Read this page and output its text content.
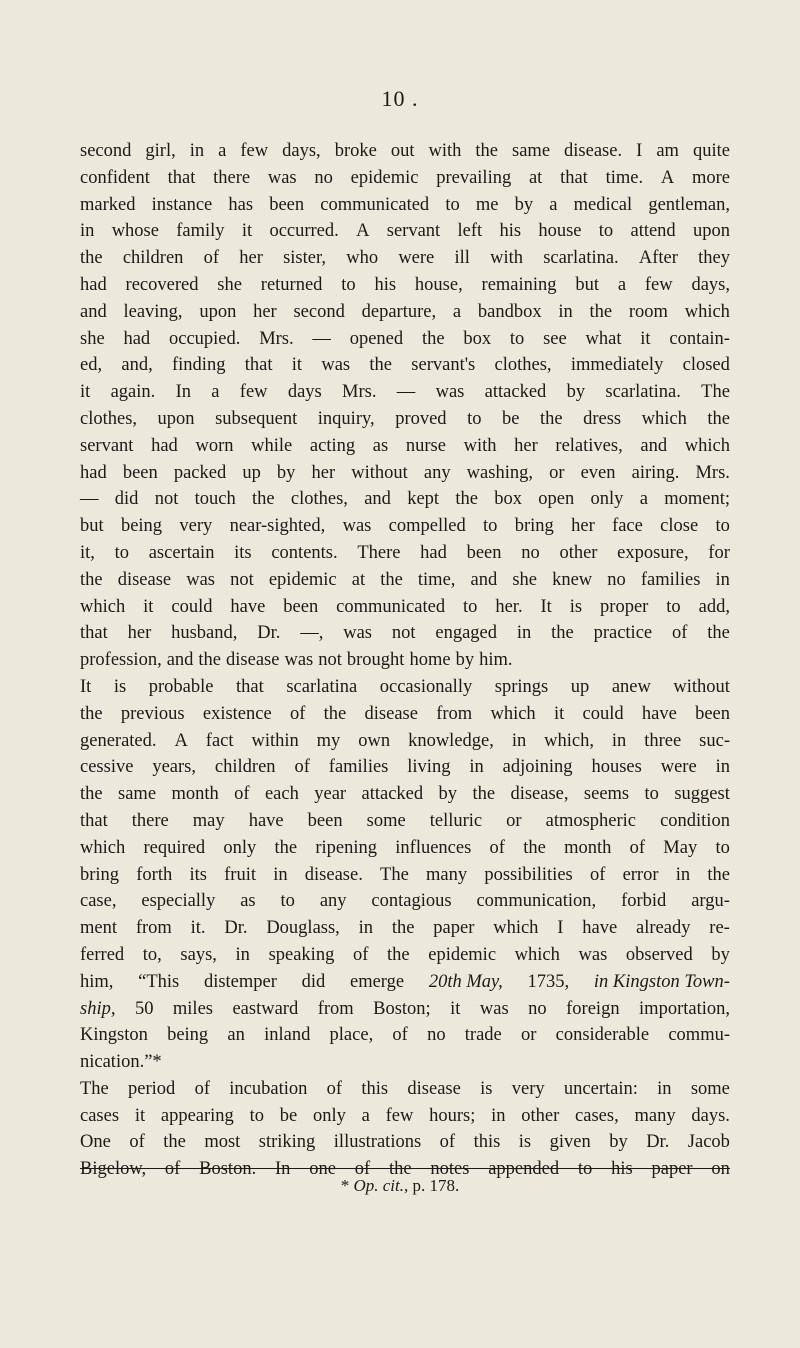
10 .
second girl, in a few days, broke out with the same disease. I am quite
confident that there was no epidemic prevailing at that time. A more
marked instance has been communicated to me by a medical gentleman,
in whose family it occurred. A servant left his house to attend upon
the children of her sister, who were ill with scarlatina. After they
had recovered she returned to his house, remaining but a few days,
and leaving, upon her second departure, a bandbox in the room which
she had occupied. Mrs. — opened the box to see what it contain-
ed, and, finding that it was the servant's clothes, immediately closed
it again. In a few days Mrs. — was attacked by scarlatina. The
clothes, upon subsequent inquiry, proved to be the dress which the
servant had worn while acting as nurse with her relatives, and which
had been packed up by her without any washing, or even airing. Mrs.
— did not touch the clothes, and kept the box open only a moment;
but being very near-sighted, was compelled to bring her face close to
it, to ascertain its contents. There had been no other exposure, for
the disease was not epidemic at the time, and she knew no families in
which it could have been communicated to her. It is proper to add,
that her husband, Dr. —, was not engaged in the practice of the
profession, and the disease was not brought home by him.
It is probable that scarlatina occasionally springs up anew without
the previous existence of the disease from which it could have been
generated. A fact within my own knowledge, in which, in three suc-
cessive years, children of families living in adjoining houses were in
the same month of each year attacked by the disease, seems to suggest
that there may have been some telluric or atmospheric condition
which required only the ripening influences of the month of May to
bring forth its fruit in disease. The many possibilities of error in the
case, especially as to any contagious communication, forbid argu-
ment from it. Dr. Douglass, in the paper which I have already re-
ferred to, says, in speaking of the epidemic which was observed by
him, “This distemper did emerge 20th May, 1735, in Kingston Town-
ship, 50 miles eastward from Boston; it was no foreign importation,
Kingston being an inland place, of no trade or considerable commu-
nication.”*
The period of incubation of this disease is very uncertain: in some
cases it appearing to be only a few hours; in other cases, many days.
One of the most striking illustrations of this is given by Dr. Jacob
Bigelow, of Boston. In one of the notes appended to his paper on
* Op. cit., p. 178.
